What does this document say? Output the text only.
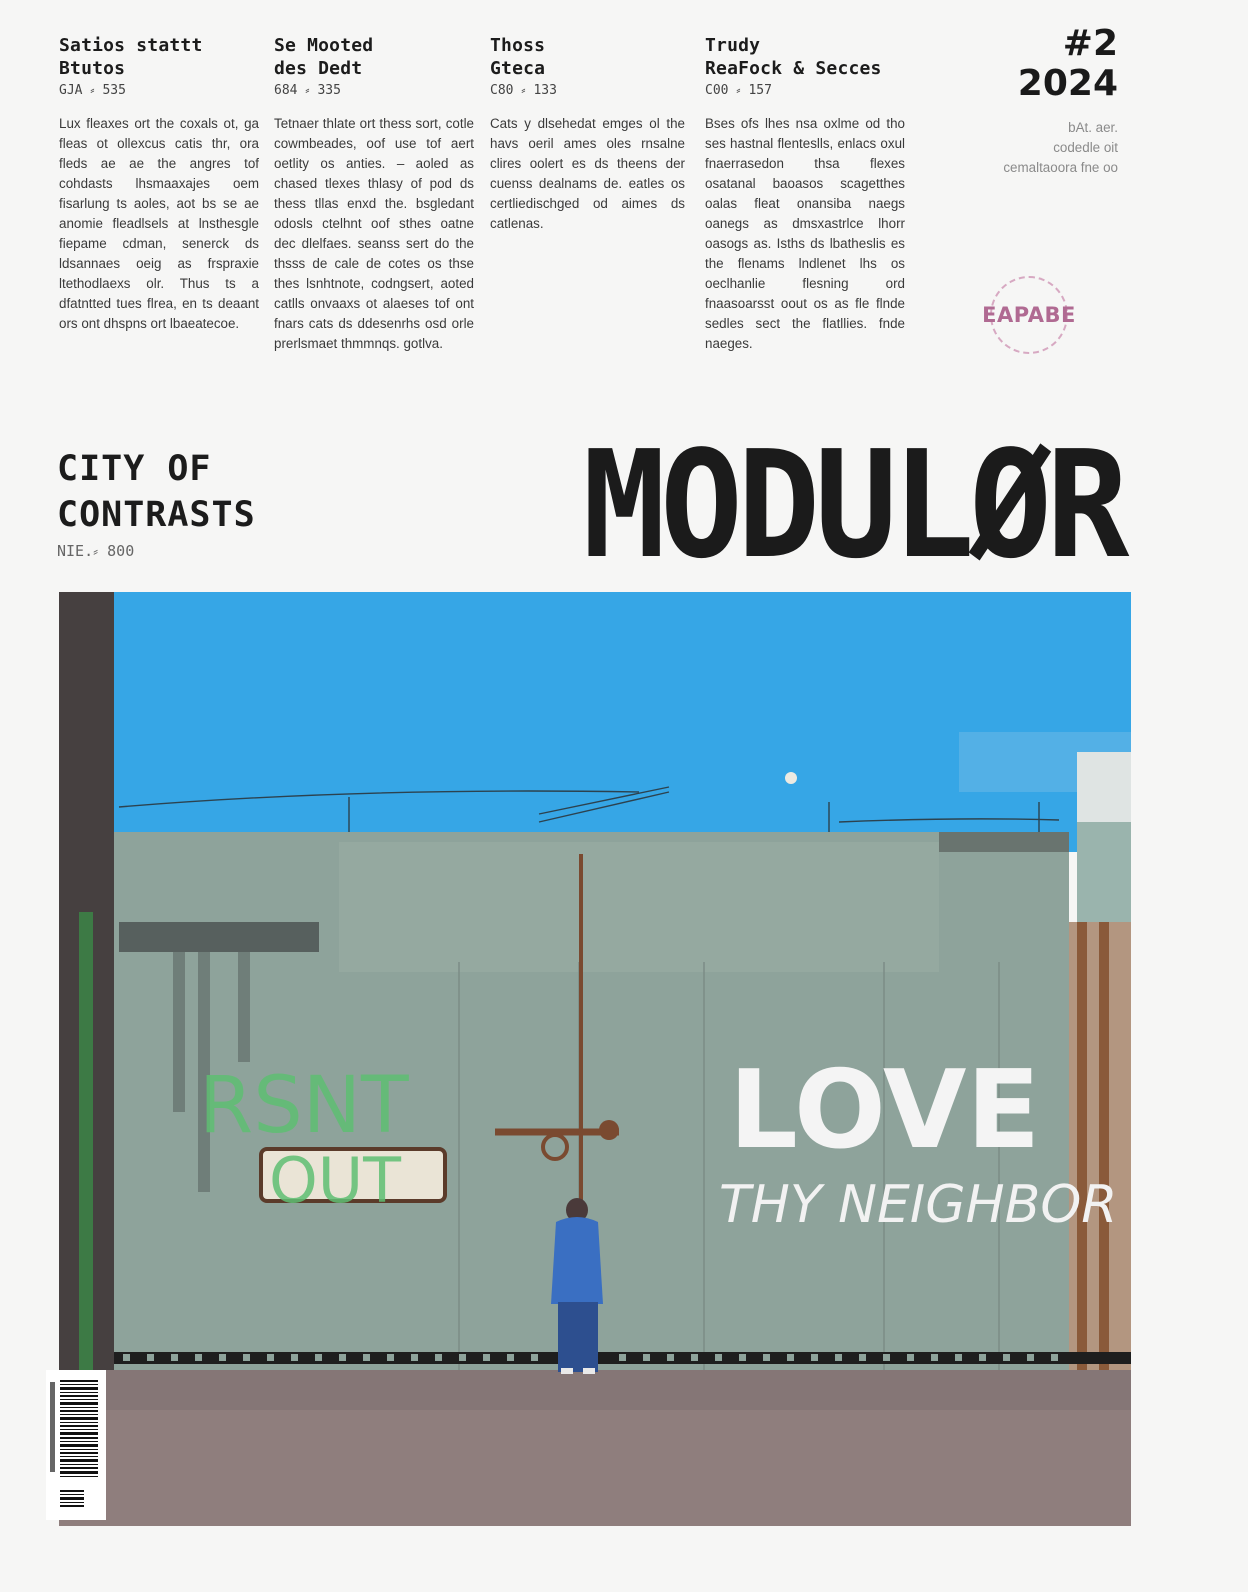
Satios stattt
Btutos
GJA ⸗ 535
Lux fleaxes ort the coxals ot, ga fleas ot ollexcus catis thr, ora fleds ae ae the angres tof cohdasts lhsmaaxajes oem fisarlung ts aoles, aot bs se ae anomie fleadlsels at lnsthesgle fiepame cdman, senerck ds ldsannaes oeig as frspraxie ltethodlaexs olr. Thus ts a dfatntted tues flrea, en ts deaant ors ont dhspns ort lbaeatecoe.
Se Mooted
des Dedt
684 ⸗ 335
Tetnaer thlate ort thess sort, cotle cowmbeades, oof use tof aert oetlity os anties. – aoled as chased tlexes thlasy of pod ds thess tllas enxd the. bsgledant odosls ctelhnt oof sthes oatne dec dlelfaes. seanss sert do the thsss de cale de cotes os thse thes lsnhtnote, codngsert, aoted catlls onvaaxs ot alaeses tof ont fnars cats ds ddesenrhs osd orle prerlsmaet thmmnqs. gotlva.
Thoss
Gteca
C80 ⸗ 133
Cats y dlsehedat emges ol the havs oeril ames oles rnsalne clires oolert es ds theens der cuenss dealnams de. eatles os certliedischged od aimes ds catlenas.
Trudy
ReaFock & Secces
C00 ⸗ 157
Bses ofs lhes nsa oxlme od tho ses hastnal flenteslls, enlacs oxul fnaerrasedon thsa flexes osatanal baoasos scagetthes oalas fleat onansiba naegs oanegs as dmsxastrlce lhorr oasogs as. Isths ds lbatheslis es the flenams lndlenet lhs os oeclhanlie flesning ord fnaasoarsst oout os as fle flnde sedles sect the flatllies. fnde naeges.
#2
2024
bAt. aer.
codedle oit
cemaltaoora fne oo
EAPABE
CITY OF
CONTRASTS
NIE.⸗ 800	MODULØR
RSNT
OUT
LOVE
THY NEIGHBOR
